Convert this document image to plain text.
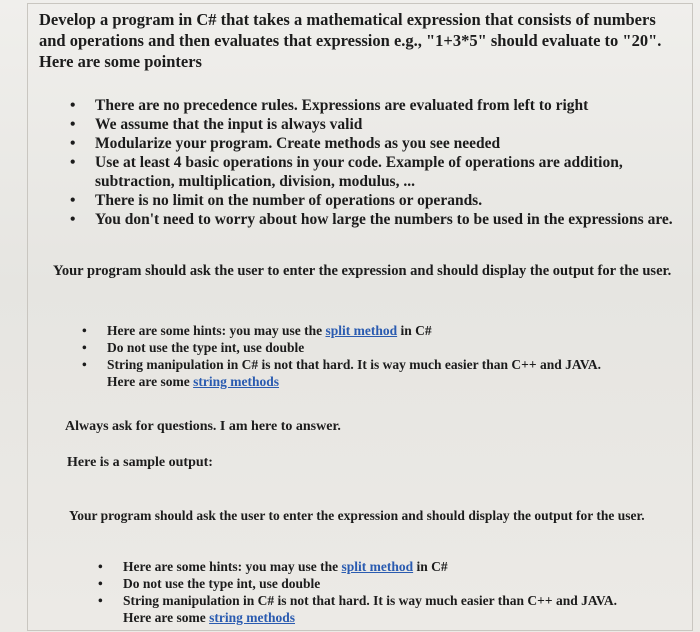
Develop a program in C# that takes a mathematical expression that consists of numbers and operations and then evaluates that expression e.g., "1+3*5" should evaluate to "20". Here are some pointers
• There are no precedence rules. Expressions are evaluated from left to right
• We assume that the input is always valid
• Modularize your program. Create methods as you see needed
• Use at least 4 basic operations in your code. Example of operations are addition, subtraction, multiplication, division, modulus, ...
• There is no limit on the number of operations or operands.
• You don't need to worry about how large the numbers to be used in the expressions are.
Your program should ask the user to enter the expression and should display the output for the user.
• Here are some hints: you may use the split method in C#
• Do not use the type int, use double
• String manipulation in C# is not that hard. It is way much easier than C++ and JAVA.
Here are some string methods
Always ask for questions. I am here to answer.
Here is a sample output:
Your program should ask the user to enter the expression and should display the output for the user.
• Here are some hints: you may use the split method in C#
• Do not use the type int, use double
• String manipulation in C# is not that hard. It is way much easier than C++ and JAVA.
Here are some string methods
